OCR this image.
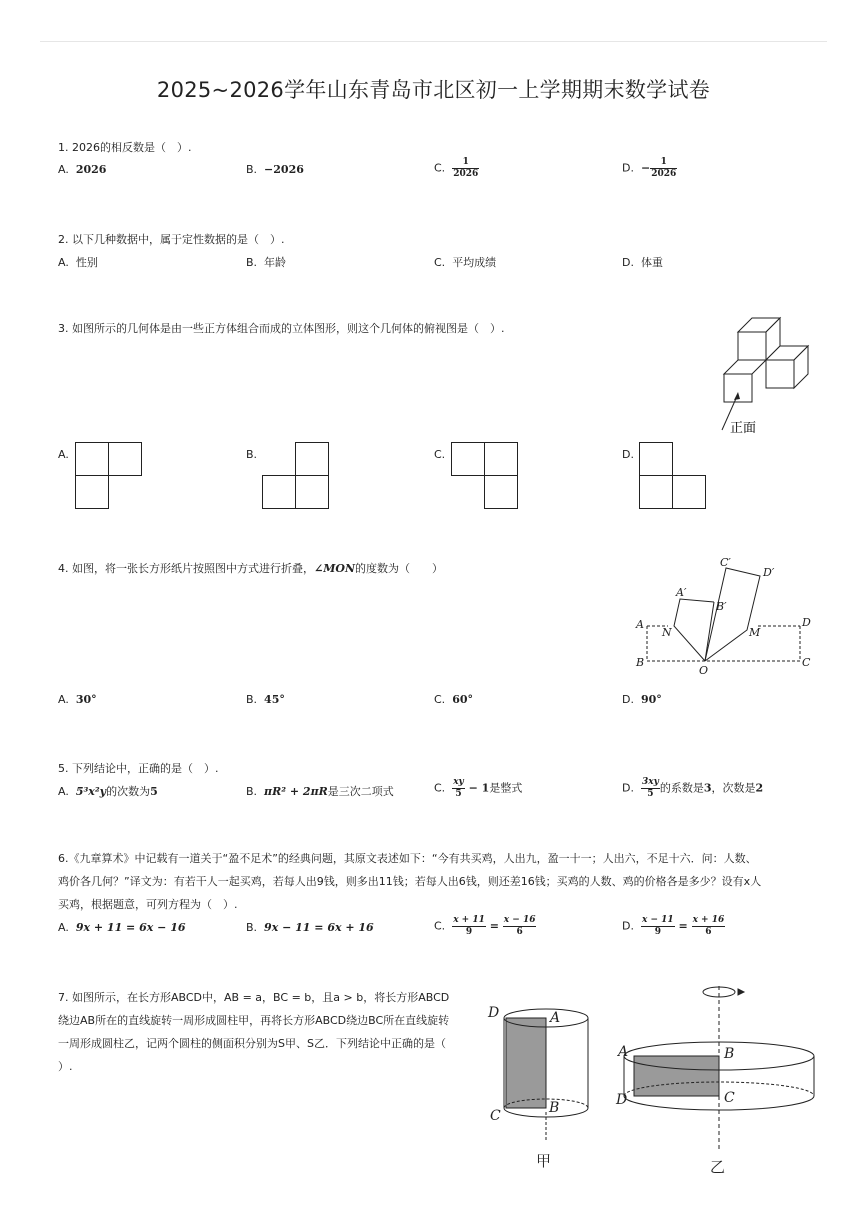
2025~2026学年山东青岛市北区初一上学期期末数学试卷
1. 2026的相反数是（　）.
A. 2026	B. −2026	C. $\frac{1}{2026}$	D. − $\frac{1}{2026}$
2. 以下几种数据中，属于定性数据的是（　）.
A. 性别	B. 年龄	C. 平均成绩	D. 体重
3. 如图所示的几何体是由一些正方体组合而成的立体图形，则这个几何体的俯视图是（　）.
正面
A.	B.	C.	D.
4. 如图，将一张长方形纸片按照图中方式进行折叠，∠MON的度数为（　　）	C′
D′
A′
B′
A
N	M
D
B
O
C
A. 30°	B. 45°	C. 60°	D. 90°
5. 下列结论中，正确的是（　）.
A. 5³x²y的次数为5	B. πR² + 2πR是三次二项式	C. $\frac{xy}{5} - 1$是整式	D. $\frac{3xy}{5}$ 的系数是3，次数是2
6.《九章算术》中记载有一道关于“盈不足术”的经典问题，其原文表述如下：“今有共买鸡，人出九，盈一十一；人出六，不足十六．问：人数、
鸡价各几何？”译文为：有若干人一起买鸡，若每人出9钱，则多出11钱；若每人出6钱，则还差16钱；买鸡的人数、鸡的价格各是多少？设有x人
买鸡，根据题意，可列方程为（　）.
A. 9x + 11 = 6x − 16	B. 9x − 11 = 6x + 16	C. $\frac{x + 11}{9} = \frac{x - 16}{6}$	D. $\frac{x - 11}{9} = \frac{x + 16}{6}$
7. 如图所示，在长方形ABCD中，AB = a，BC = b，且a > b，将长方形ABCD
绕边AB所在的直线旋转一周形成圆柱甲，再将长方形ABCD绕边BC所在直线旋转
一周形成圆柱乙，记两个圆柱的侧面积分别为S甲、S乙．下列结论中正确的是（
）.
D	A
C	B
甲
A	B
D	C
乙
